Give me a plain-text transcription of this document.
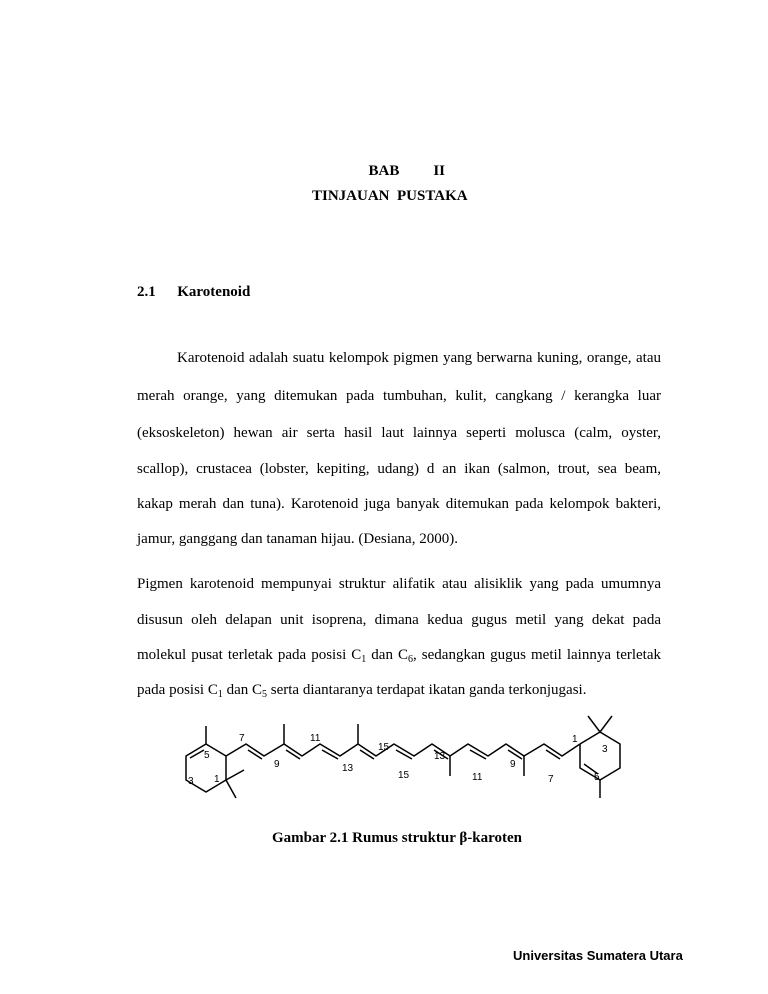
BAB II

TINJAUAN  PUSTAKA
2.1 Karotenoid
Karotenoid adalah suatu kelompok pigmen yang berwarna kuning, orange, atau
merah orange, yang ditemukan pada tumbuhan, kulit, cangkang / kerangka luar
(eksoskeleton) hewan air serta hasil laut lainnya seperti molusca (calm, oyster,
scallop), crustacea (lobster, kepiting, udang) d an ikan (salmon, trout, sea beam,
kakap merah dan tuna). Karotenoid juga banyak ditemukan pada kelompok bakteri,
jamur, ganggang dan tanaman hijau. (Desiana, 2000).
Pigmen karotenoid mempunyai struktur alifatik atau alisiklik yang pada umumnya
disusun oleh delapan unit isoprena, dimana kedua gugus metil yang dekat pada
molekul pusat terletak pada posisi $C_1$ dan $C_6$, sedangkan gugus metil lainnya terletak
pada posisi $C_1$ dan $C_5$ serta diantaranya terdapat ikatan ganda terkonjugasi.
5
1
3
7
9
11
13
15
15
13
11
9
7
1
3
5
Gambar 2.1 Rumus struktur β-karoten
Universitas Sumatera Utara
